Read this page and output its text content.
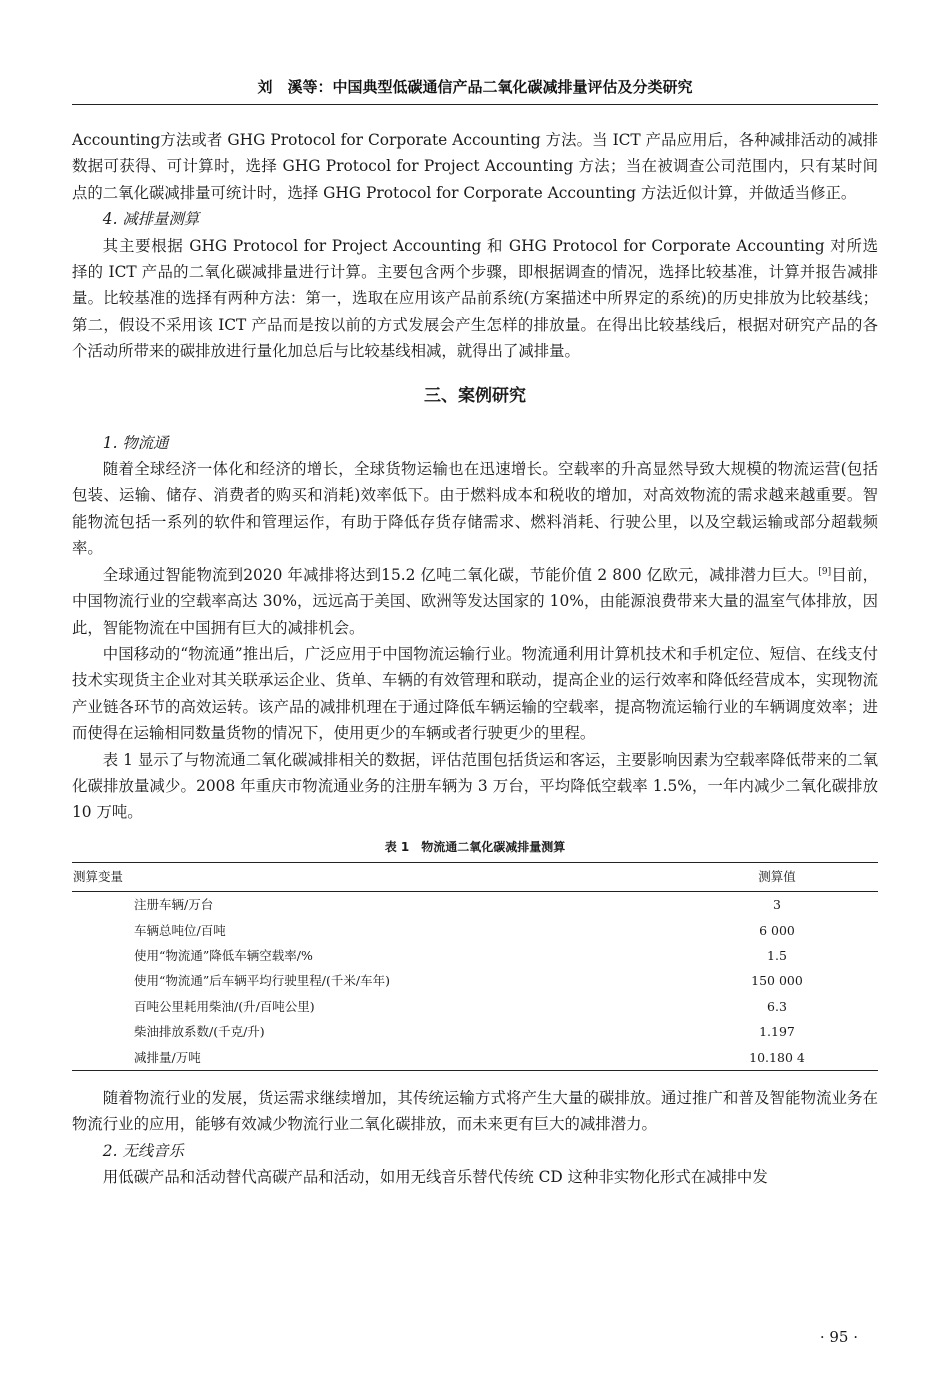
刘　溪等：中国典型低碳通信产品二氧化碳减排量评估及分类研究

Accounting方法或者 GHG Protocol for Corporate Accounting 方法。当 ICT 产品应用后，各种减排活动的减排数据可获得、可计算时，选择 GHG Protocol for Project Accounting 方法；当在被调查公司范围内，只有某时间点的二氧化碳减排量可统计时，选择 GHG Protocol for Corporate Accounting 方法近似计算，并做适当修正。

4. 减排量测算

其主要根据 GHG Protocol for Project Accounting 和 GHG Protocol for Corporate Accounting 对所选择的 ICT 产品的二氧化碳减排量进行计算。主要包含两个步骤，即根据调查的情况，选择比较基准，计算并报告减排量。比较基准的选择有两种方法：第一，选取在应用该产品前系统(方案描述中所界定的系统)的历史排放为比较基线；第二，假设不采用该 ICT 产品而是按以前的方式发展会产生怎样的排放量。在得出比较基线后，根据对研究产品的各个活动所带来的碳排放进行量化加总后与比较基线相减，就得出了减排量。

三、案例研究

1. 物流通

随着全球经济一体化和经济的增长，全球货物运输也在迅速增长。空载率的升高显然导致大规模的物流运营(包括包装、运输、储存、消费者的购买和消耗)效率低下。由于燃料成本和税收的增加，对高效物流的需求越来越重要。智能物流包括一系列的软件和管理运作，有助于降低存货存储需求、燃料消耗、行驶公里，以及空载运输或部分超载频率。

全球通过智能物流到2020 年减排将达到15.2 亿吨二氧化碳，节能价值 2 800 亿欧元，减排潜力巨大。[9]目前，中国物流行业的空载率高达 30%，远远高于美国、欧洲等发达国家的 10%，由能源浪费带来大量的温室气体排放，因此，智能物流在中国拥有巨大的减排机会。

中国移动的“物流通”推出后，广泛应用于中国物流运输行业。物流通利用计算机技术和手机定位、短信、在线支付技术实现货主企业对其关联承运企业、货单、车辆的有效管理和联动，提高企业的运行效率和降低经营成本，实现物流产业链各环节的高效运转。该产品的减排机理在于通过降低车辆运输的空载率，提高物流运输行业的车辆调度效率；进而使得在运输相同数量货物的情况下，使用更少的车辆或者行驶更少的里程。

表 1 显示了与物流通二氧化碳减排相关的数据，评估范围包括货运和客运，主要影响因素为空载率降低带来的二氧化碳排放量减少。2008 年重庆市物流通业务的注册车辆为 3 万台，平均降低空载率 1.5%，一年内减少二氧化碳排放 10 万吨。

表 1　物流通二氧化碳减排量测算
测算变量	测算值
注册车辆/万台	3
车辆总吨位/百吨	6 000
使用“物流通”降低车辆空载率/%	1.5
使用“物流通”后车辆平均行驶里程/(千米/车年)	150 000
百吨公里耗用柴油/(升/百吨公里)	6.3
柴油排放系数/(千克/升)	1.197
减排量/万吨	10.180 4

随着物流行业的发展，货运需求继续增加，其传统运输方式将产生大量的碳排放。通过推广和普及智能物流业务在物流行业的应用，能够有效减少物流行业二氧化碳排放，而未来更有巨大的减排潜力。

2. 无线音乐

用低碳产品和活动替代高碳产品和活动，如用无线音乐替代传统 CD 这种非实物化形式在减排中发

· 95 ·
